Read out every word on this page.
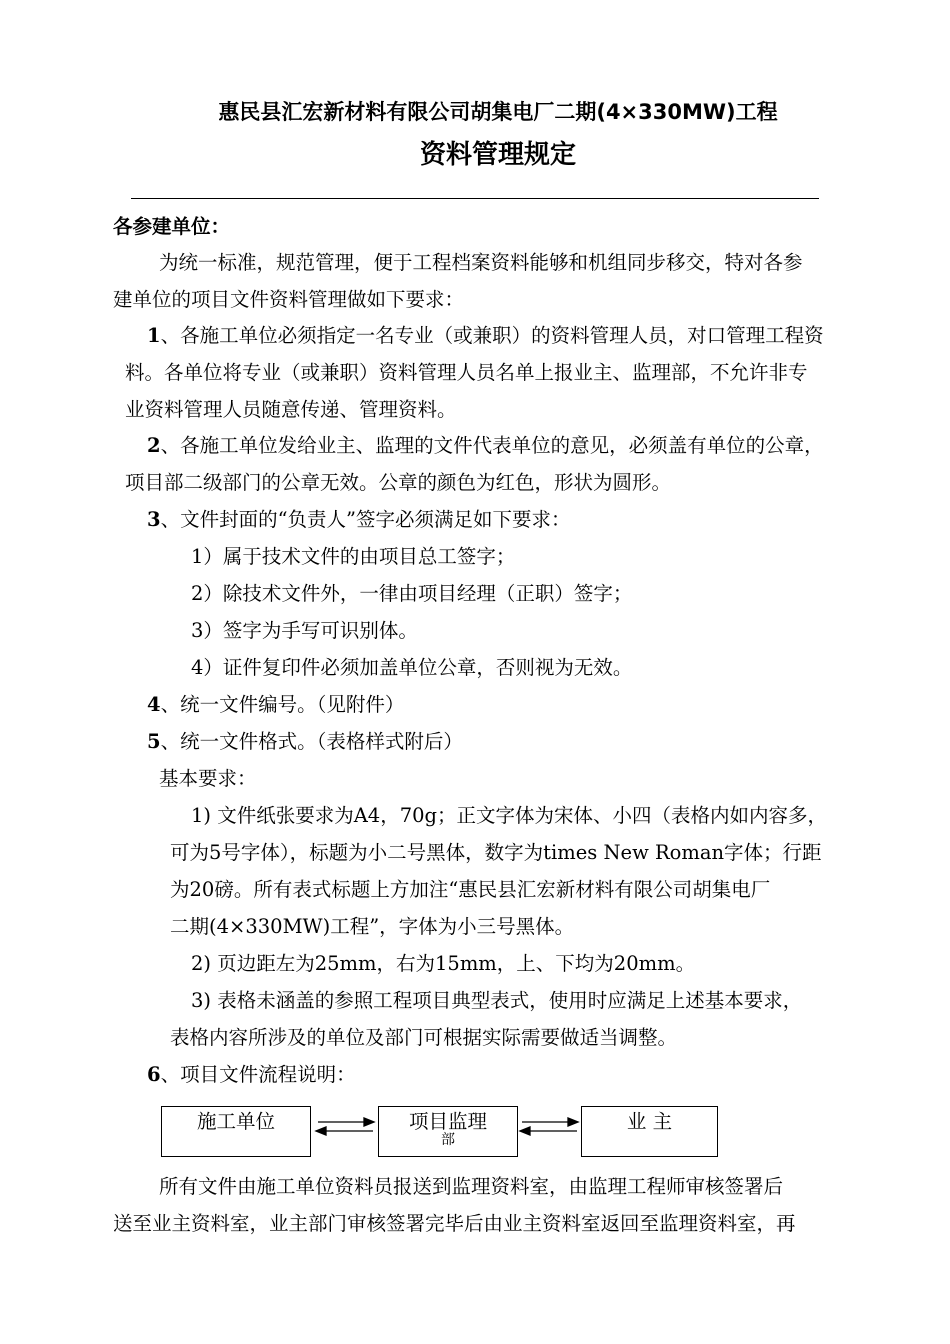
惠民县汇宏新材料有限公司胡集电厂二期(4×330MW)工程
资料管理规定
各参建单位：
为统一标准，规范管理，便于工程档案资料能够和机组同步移交，特对各参
建单位的项目文件资料管理做如下要求：
1、各施工单位必须指定一名专业（或兼职）的资料管理人员，对口管理工程资
料。各单位将专业（或兼职）资料管理人员名单上报业主、监理部，不允许非专
业资料管理人员随意传递、管理资料。
2、各施工单位发给业主、监理的文件代表单位的意见，必须盖有单位的公章，
项目部二级部门的公章无效。公章的颜色为红色，形状为圆形。
3、文件封面的“负责人”签字必须满足如下要求：
1）属于技术文件的由项目总工签字；
2）除技术文件外，一律由项目经理（正职）签字；
3）签字为手写可识别体。
4）证件复印件必须加盖单位公章，否则视为无效。
4、统一文件编号。（见附件）
5、统一文件格式。（表格样式附后）
基本要求：
1) 文件纸张要求为A4，70g；正文字体为宋体、小四（表格内如内容多，
可为5号字体），标题为小二号黑体，数字为times New Roman字体；行距
为20磅。所有表式标题上方加注“惠民县汇宏新材料有限公司胡集电厂
二期(4×330MW)工程”，字体为小三号黑体。
2) 页边距左为25mm，右为15mm，上、下均为20mm。
3) 表格未涵盖的参照工程项目典型表式，使用时应满足上述基本要求，
表格内容所涉及的单位及部门可根据实际需要做适当调整。
6、项目文件流程说明：
施工单位	项目监理
部
业 主
所有文件由施工单位资料员报送到监理资料室，由监理工程师审核签署后
送至业主资料室，业主部门审核签署完毕后由业主资料室返回至监理资料室，再
